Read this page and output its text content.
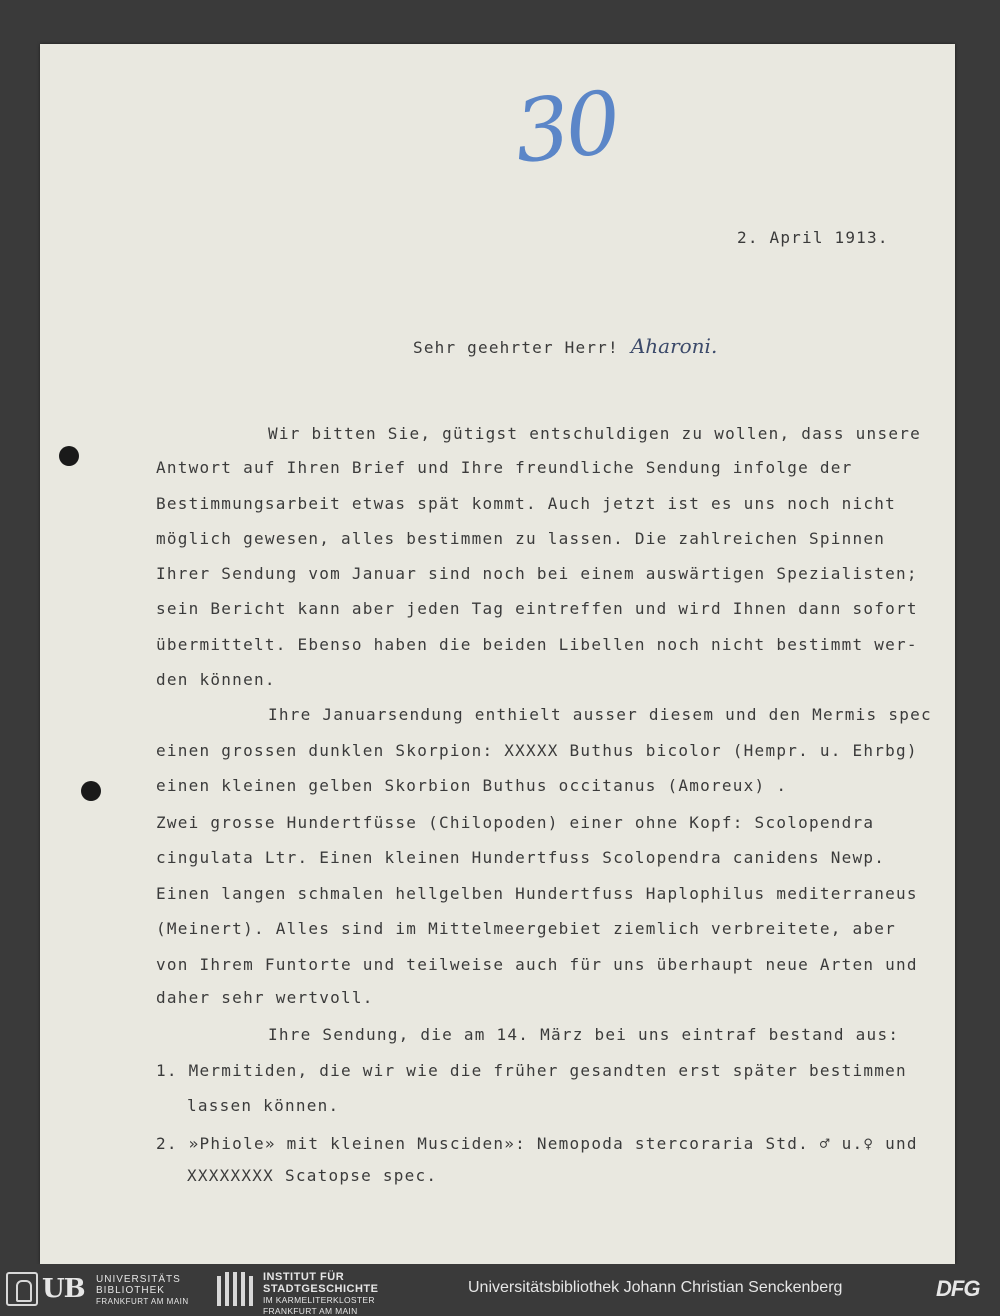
30
2. April 1913.
Sehr geehrter Herr! Aharoni.
Wir bitten Sie, gütigst entschuldigen zu wollen, dass unsere
Antwort auf Ihren Brief und Ihre freundliche Sendung infolge der
Bestimmungsarbeit etwas spät kommt. Auch jetzt ist es uns noch nicht
möglich gewesen, alles bestimmen zu lassen. Die zahlreichen Spinnen
Ihrer Sendung vom Januar sind noch bei einem auswärtigen Spezialisten;
sein Bericht kann aber jeden Tag eintreffen und wird Ihnen dann sofort
übermittelt. Ebenso haben die beiden Libellen noch nicht bestimmt wer-
den können.
Ihre Januarsendung enthielt ausser diesem und den Mermis spec
einen grossen dunklen Skorpion: XXXXX Buthus bicolor (Hempr. u. Ehrbg)
einen kleinen gelben Skorbion Buthus occitanus (Amoreux) .
Zwei grosse Hundertfüsse (Chilopoden) einer ohne Kopf: Scolopendra
cingulata Ltr. Einen kleinen Hundertfuss Scolopendra canidens Newp.
Einen langen schmalen hellgelben Hundertfuss Haplophilus mediterraneus
(Meinert). Alles sind im Mittelmeergebiet ziemlich verbreitete, aber
von Ihrem Funtorte und teilweise auch für uns überhaupt neue Arten und
daher sehr wertvoll.
Ihre Sendung, die am 14. März bei uns eintraf bestand aus:
1. Mermitiden, die wir wie die früher gesandten erst später bestimmen
lassen können.
2. »Phiole» mit kleinen Musciden»: Nemopoda stercoraria Std. ♂ u.♀ und
XXXXXXXX Scatopse spec.
UB UNIVERSITÄTS
BIBLIOTHEK
FRANKFURT AM MAIN
INSTITUT FÜR
STADTGESCHICHTE
IM KARMELITERKLOSTER
FRANKFURT AM MAIN
Universitätsbibliothek Johann Christian Senckenberg	DFG
